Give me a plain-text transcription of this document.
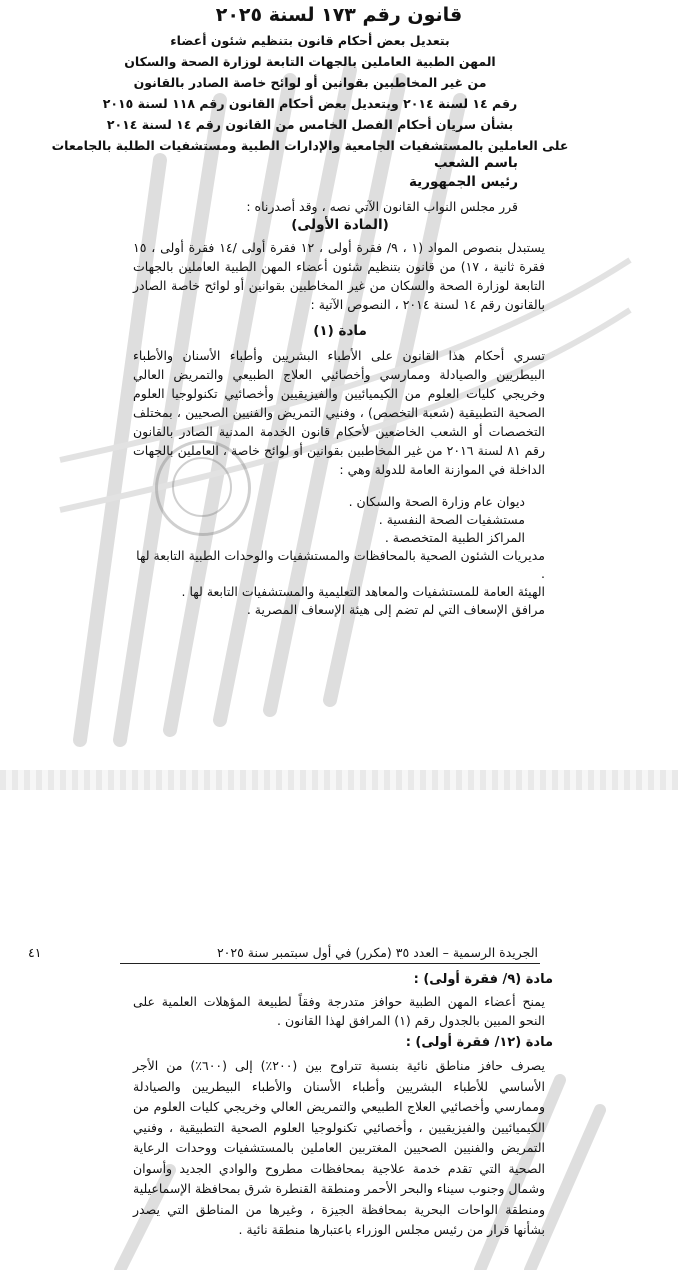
قانون رقم ١٧٣ لسنة ٢٠٢٥
بتعديل بعض أحكام قانون بتنظيم شئون أعضاء
المهن الطبية العاملين بالجهات التابعة لوزارة الصحة والسكان
من غير المخاطبين بقوانين أو لوائح خاصة الصادر بالقانون
رقم ١٤ لسنة ٢٠١٤ وبتعديل بعض أحكام القانون رقم ١١٨ لسنة ٢٠١٥
بشأن سريان أحكام الفصل الخامس من القانون رقم ١٤ لسنة ٢٠١٤
على العاملين بالمستشفيات الجامعية والإدارات الطبية ومستشفيات الطلبة بالجامعات
باسم الشعب
رئيس الجمهورية
قرر مجلس النواب القانون الآتي نصه ، وقد أصدرناه :
(المادة الأولى)
يستبدل بنصوص المواد (١ ، ٩/ فقرة أولى ، ١٢ فقرة أولى /١٤ فقرة أولى ، ١٥ فقرة ثانية ، ١٧) من قانون بتنظيم شئون أعضاء المهن الطبية العاملين بالجهات التابعة لوزارة الصحة والسكان من غير المخاطبين بقوانين أو لوائح خاصة الصادر بالقانون رقم ١٤ لسنة ٢٠١٤ ، النصوص الآتية :
مادة (١)
تسري أحكام هذا القانون على الأطباء البشريين وأطباء الأسنان والأطباء البيطريين والصيادلة وممارسي وأخصائيي العلاج الطبيعي والتمريض العالي وخريجي كليات العلوم من الكيميائيين والفيزيقيين وأخصائيي تكنولوجيا العلوم الصحية التطبيقية (شعبة التخصص) ، وفنيي التمريض والفنيين الصحيين ، بمختلف التخصصات أو الشعب الخاضعين لأحكام قانون الخدمة المدنية الصادر بالقانون رقم ٨١ لسنة ٢٠١٦ من غير المخاطبين بقوانين أو لوائح خاصة ، العاملين بالجهات الداخلة في الموازنة العامة للدولة وهي :
ديوان عام وزارة الصحة والسكان .
مستشفيات الصحة النفسية .
المراكز الطبية المتخصصة .
مديريات الشئون الصحية بالمحافظات والمستشفيات والوحدات الطبية التابعة لها .
الهيئة العامة للمستشفيات والمعاهد التعليمية والمستشفيات التابعة لها .
مرافق الإسعاف التي لم تضم إلى هيئة الإسعاف المصرية .
الجريدة الرسمية – العدد ٣٥ (مكرر) في أول سبتمبر سنة ٢٠٢٥
٤١
مادة (٩/ فقرة أولى) :
يمنح أعضاء المهن الطبية حوافز متدرجة وفقاً لطبيعة المؤهلات العلمية على النحو المبين بالجدول رقم (١) المرافق لهذا القانون .
مادة (١٢/ فقرة أولى) :
يصرف حافز مناطق نائية بنسبة تتراوح بين (٢٠٠٪) إلى (٦٠٠٪) من الأجر الأساسي للأطباء البشريين وأطباء الأسنان والأطباء البيطريين والصيادلة وممارسي وأخصائيي العلاج الطبيعي والتمريض العالي وخريجي كليات العلوم من الكيميائيين والفيزيقيين ، وأخصائيي تكنولوجيا العلوم الصحية التطبيقية ، وفنيي التمريض والفنيين الصحيين المغتربين العاملين بالمستشفيات ووحدات الرعاية الصحية التي تقدم خدمة علاجية بمحافظات مطروح والوادي الجديد وأسوان وشمال وجنوب سيناء والبحر الأحمر ومنطقة القنطرة شرق بمحافظة الإسماعيلية ومنطقة الواحات البحرية بمحافظة الجيزة ، وغيرها من المناطق التي يصدر بشأنها قرار من رئيس مجلس الوزراء باعتبارها منطقة نائية .
